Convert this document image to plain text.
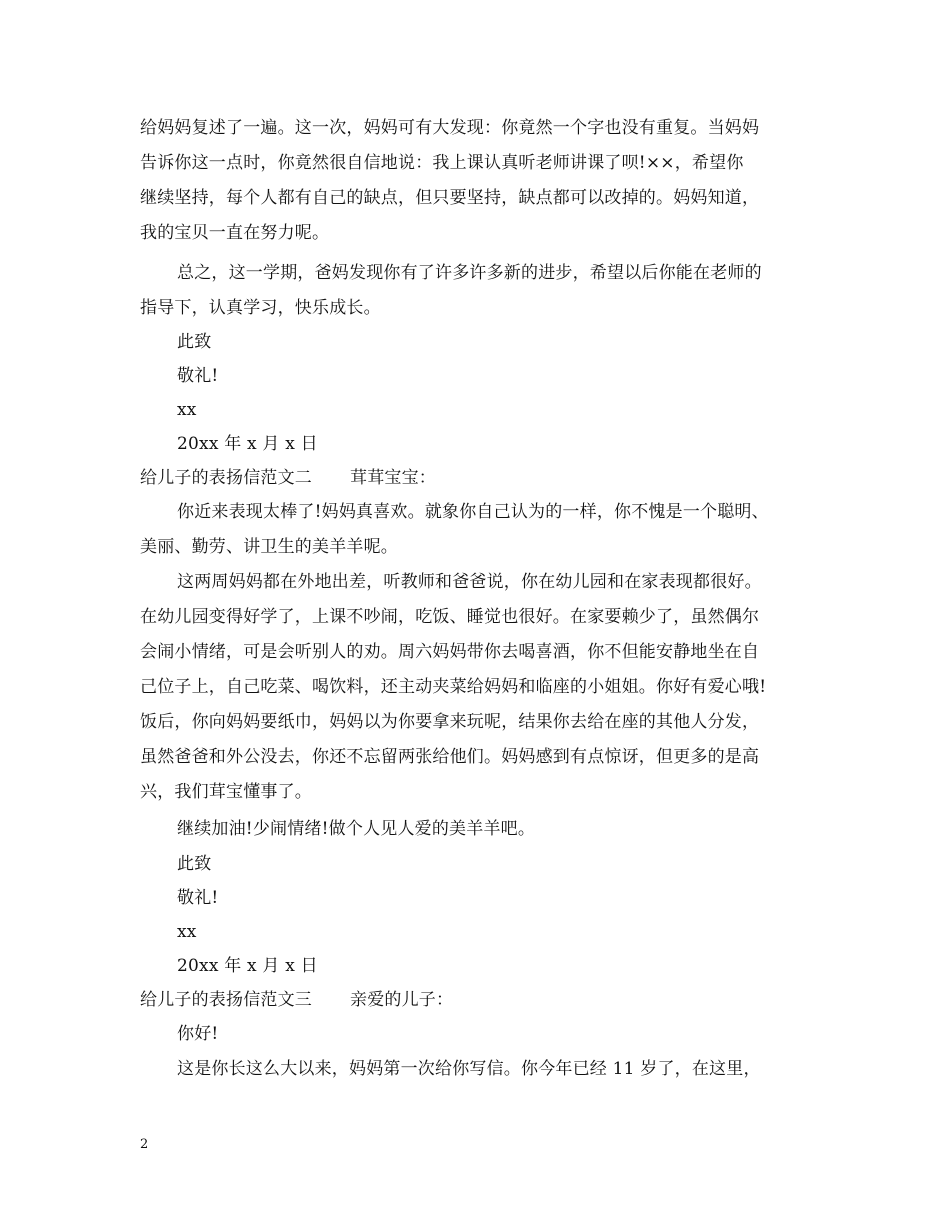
给妈妈复述了一遍。这一次，妈妈可有大发现：你竟然一个字也没有重复。当妈妈
告诉你这一点时，你竟然很自信地说：我上课认真听老师讲课了呗!××，希望你
继续坚持，每个人都有自己的缺点，但只要坚持，缺点都可以改掉的。妈妈知道，
我的宝贝一直在努力呢。
总之，这一学期，爸妈发现你有了许多许多新的进步，希望以后你能在老师的
指导下，认真学习，快乐成长。
此致
敬礼!
xx
20xx 年 x 月 x 日
给儿子的表扬信范文二 茸茸宝宝：
你近来表现太棒了!妈妈真喜欢。就象你自己认为的一样，你不愧是一个聪明、
美丽、勤劳、讲卫生的美羊羊呢。
这两周妈妈都在外地出差，听教师和爸爸说，你在幼儿园和在家表现都很好。
在幼儿园变得好学了，上课不吵闹，吃饭、睡觉也很好。在家要赖少了，虽然偶尔
会闹小情绪，可是会听别人的劝。周六妈妈带你去喝喜酒，你不但能安静地坐在自
己位子上，自己吃菜、喝饮料，还主动夹菜给妈妈和临座的小姐姐。你好有爱心哦!
饭后，你向妈妈要纸巾，妈妈以为你要拿来玩呢，结果你去给在座的其他人分发，
虽然爸爸和外公没去，你还不忘留两张给他们。妈妈感到有点惊讶，但更多的是高
兴，我们茸宝懂事了。
继续加油!少闹情绪!做个人见人爱的美羊羊吧。
此致
敬礼!
xx
20xx 年 x 月 x 日
给儿子的表扬信范文三 亲爱的儿子：
你好!
这是你长这么大以来，妈妈第一次给你写信。你今年已经 11 岁了，在这里，
2
